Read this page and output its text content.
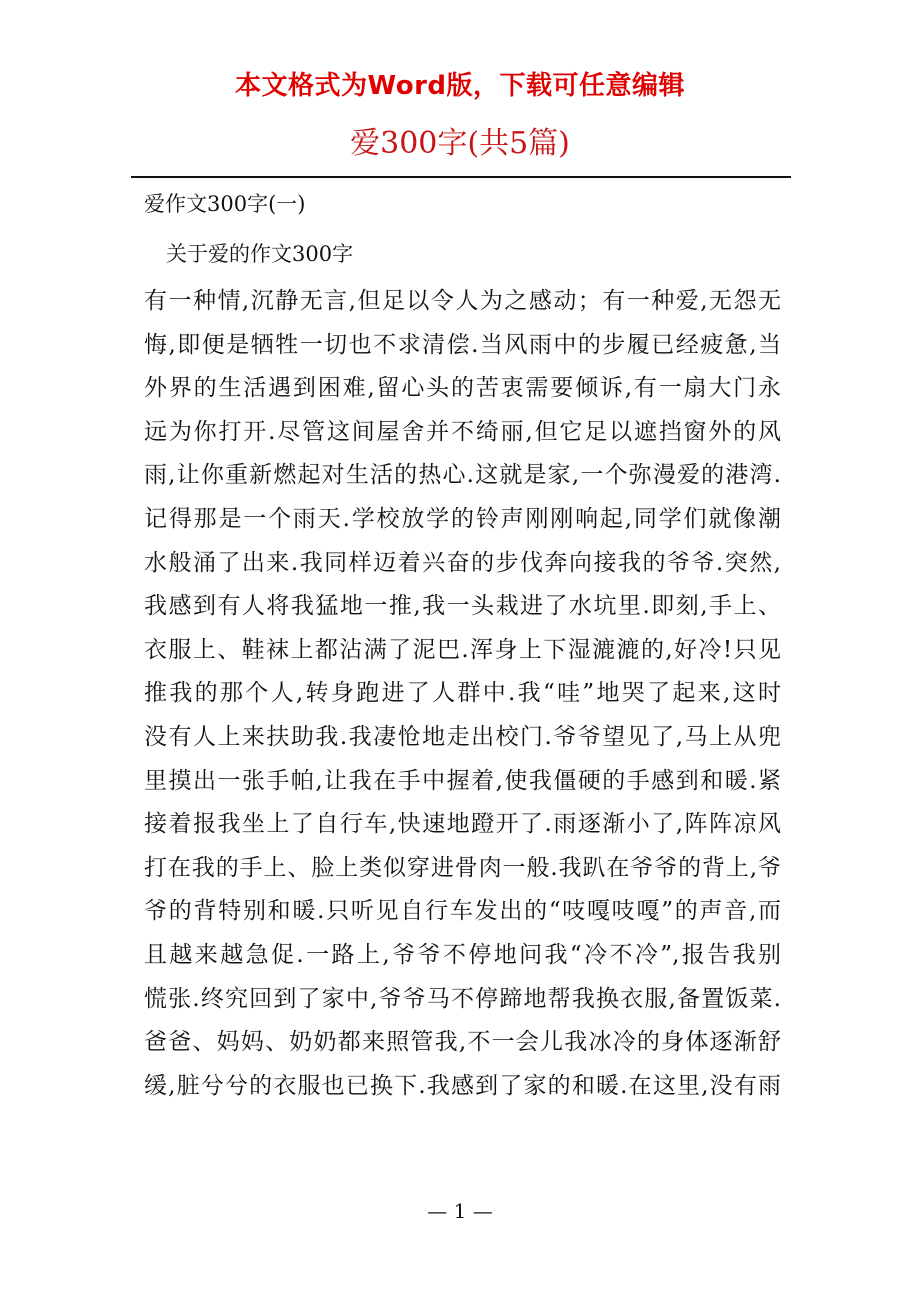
本文格式为Word版，下载可任意编辑
爱300字(共5篇)
爱作文300字(一)
关于爱的作文300字
有一种情,沉静无言,但足以令人为之感动；有一种爱,无怨无
悔,即便是牺牲一切也不求清偿.当风雨中的步履已经疲惫,当
外界的生活遇到困难,留心头的苦衷需要倾诉,有一扇大门永
远为你打开.尽管这间屋舍并不绮丽,但它足以遮挡窗外的风
雨,让你重新燃起对生活的热心.这就是家,一个弥漫爱的港湾.
记得那是一个雨天.学校放学的铃声刚刚响起,同学们就像潮
水般涌了出来.我同样迈着兴奋的步伐奔向接我的爷爷.突然,
我感到有人将我猛地一推,我一头栽进了水坑里.即刻,手上、
衣服上、鞋袜上都沾满了泥巴.浑身上下湿漉漉的,好冷!只见
推我的那个人,转身跑进了人群中.我“哇”地哭了起来,这时
没有人上来扶助我.我凄怆地走出校门.爷爷望见了,马上从兜
里摸出一张手帕,让我在手中握着,使我僵硬的手感到和暖.紧
接着报我坐上了自行车,快速地蹬开了.雨逐渐小了,阵阵凉风
打在我的手上、脸上类似穿进骨肉一般.我趴在爷爷的背上,爷
爷的背特别和暖.只听见自行车发出的“吱嘎吱嘎”的声音,而
且越来越急促.一路上,爷爷不停地问我“冷不冷”,报告我别
慌张.终究回到了家中,爷爷马不停蹄地帮我换衣服,备置饭菜.
爸爸、妈妈、奶奶都来照管我,不一会儿我冰冷的身体逐渐舒
缓,脏兮兮的衣服也已换下.我感到了家的和暖.在这里,没有雨
— 1 —
